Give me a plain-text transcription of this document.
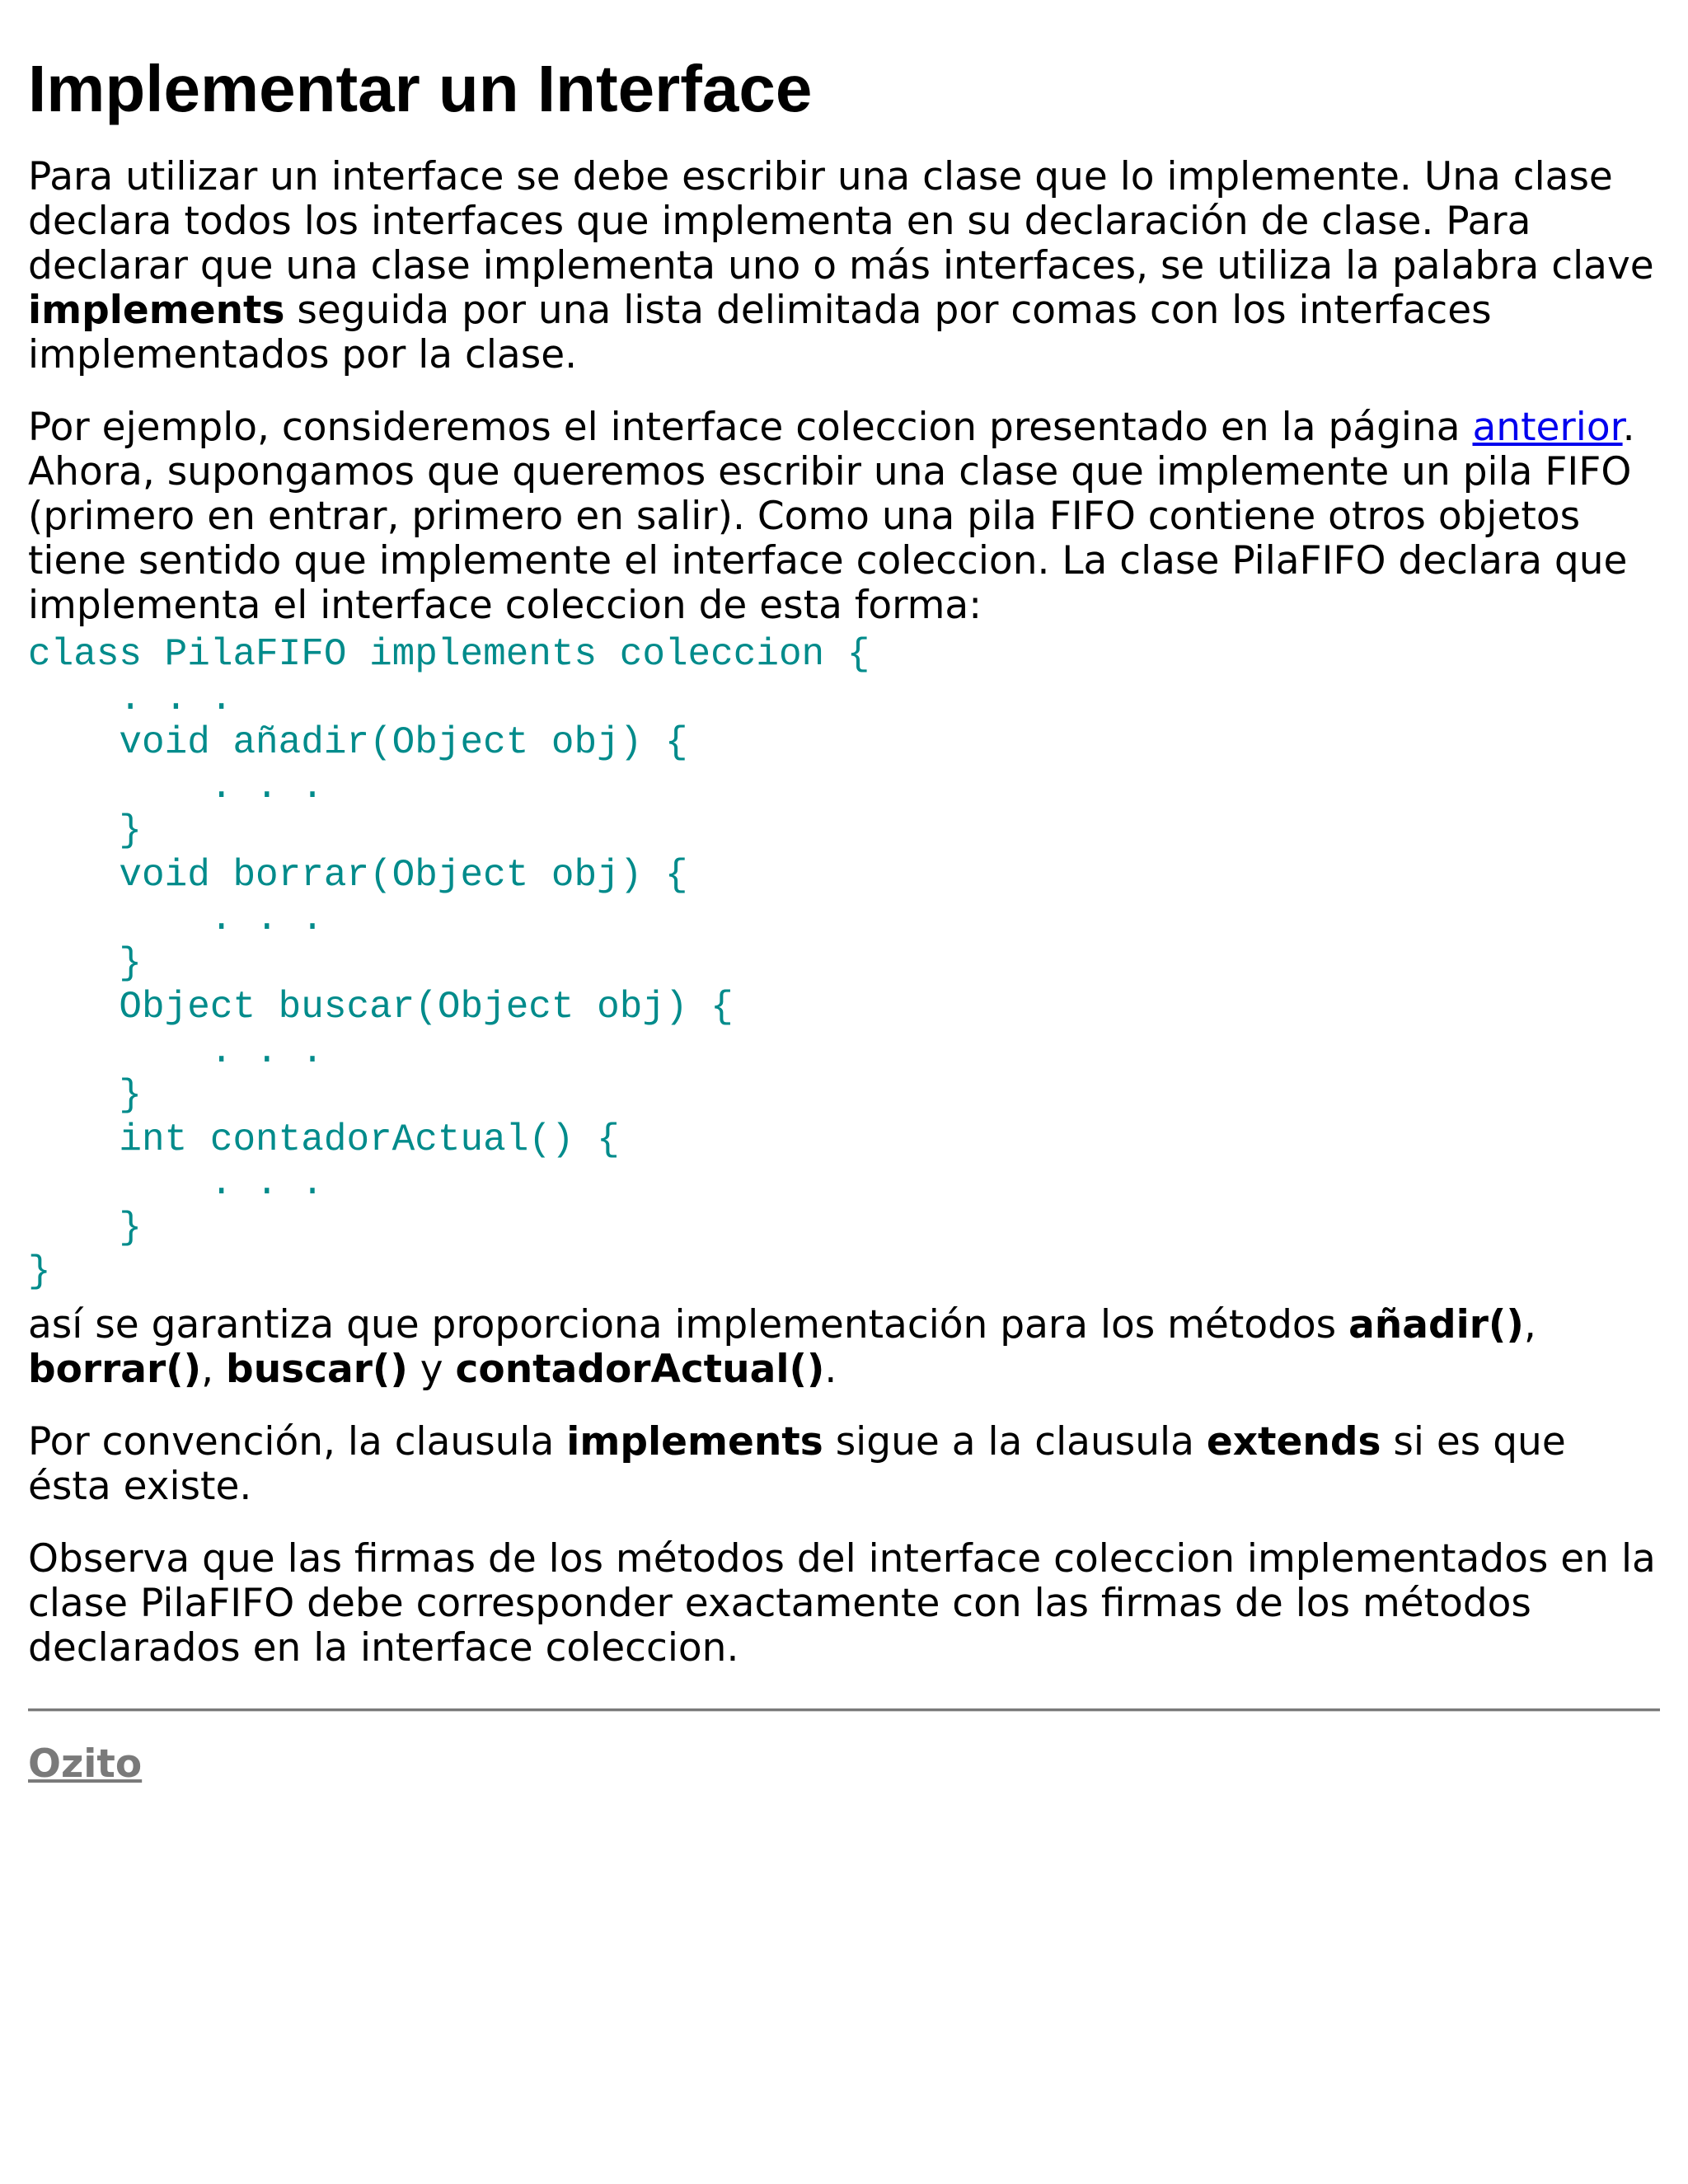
Implementar un Interface

Para utilizar un interface se debe escribir una clase que lo implemente. Una clase declara todos los interfaces que implementa en su declaración de clase. Para declarar que una clase implementa uno o más interfaces, se utiliza la palabra clave implements seguida por una lista delimitada por comas con los interfaces implementados por la clase.

Por ejemplo, consideremos el interface coleccion presentado en la página anterior. Ahora, supongamos que queremos escribir una clase que implemente un pila FIFO (primero en entrar, primero en salir). Como una pila FIFO contiene otros objetos tiene sentido que implemente el interface coleccion. La clase PilaFIFO declara que implementa el interface coleccion de esta forma:

class PilaFIFO implements coleccion {
. . .
void añadir(Object obj) {
. . .
}
void borrar(Object obj) {
. . .
}
Object buscar(Object obj) {
. . .
}
int contadorActual() {
. . .
}
}

así se garantiza que proporciona implementación para los métodos añadir(), borrar(), buscar() y contadorActual().

Por convención, la clausula implements sigue a la clausula extends si es que ésta existe.

Observa que las firmas de los métodos del interface coleccion implementados en la clase PilaFIFO debe corresponder exactamente con las firmas de los métodos declarados en la interface coleccion.

Ozito
